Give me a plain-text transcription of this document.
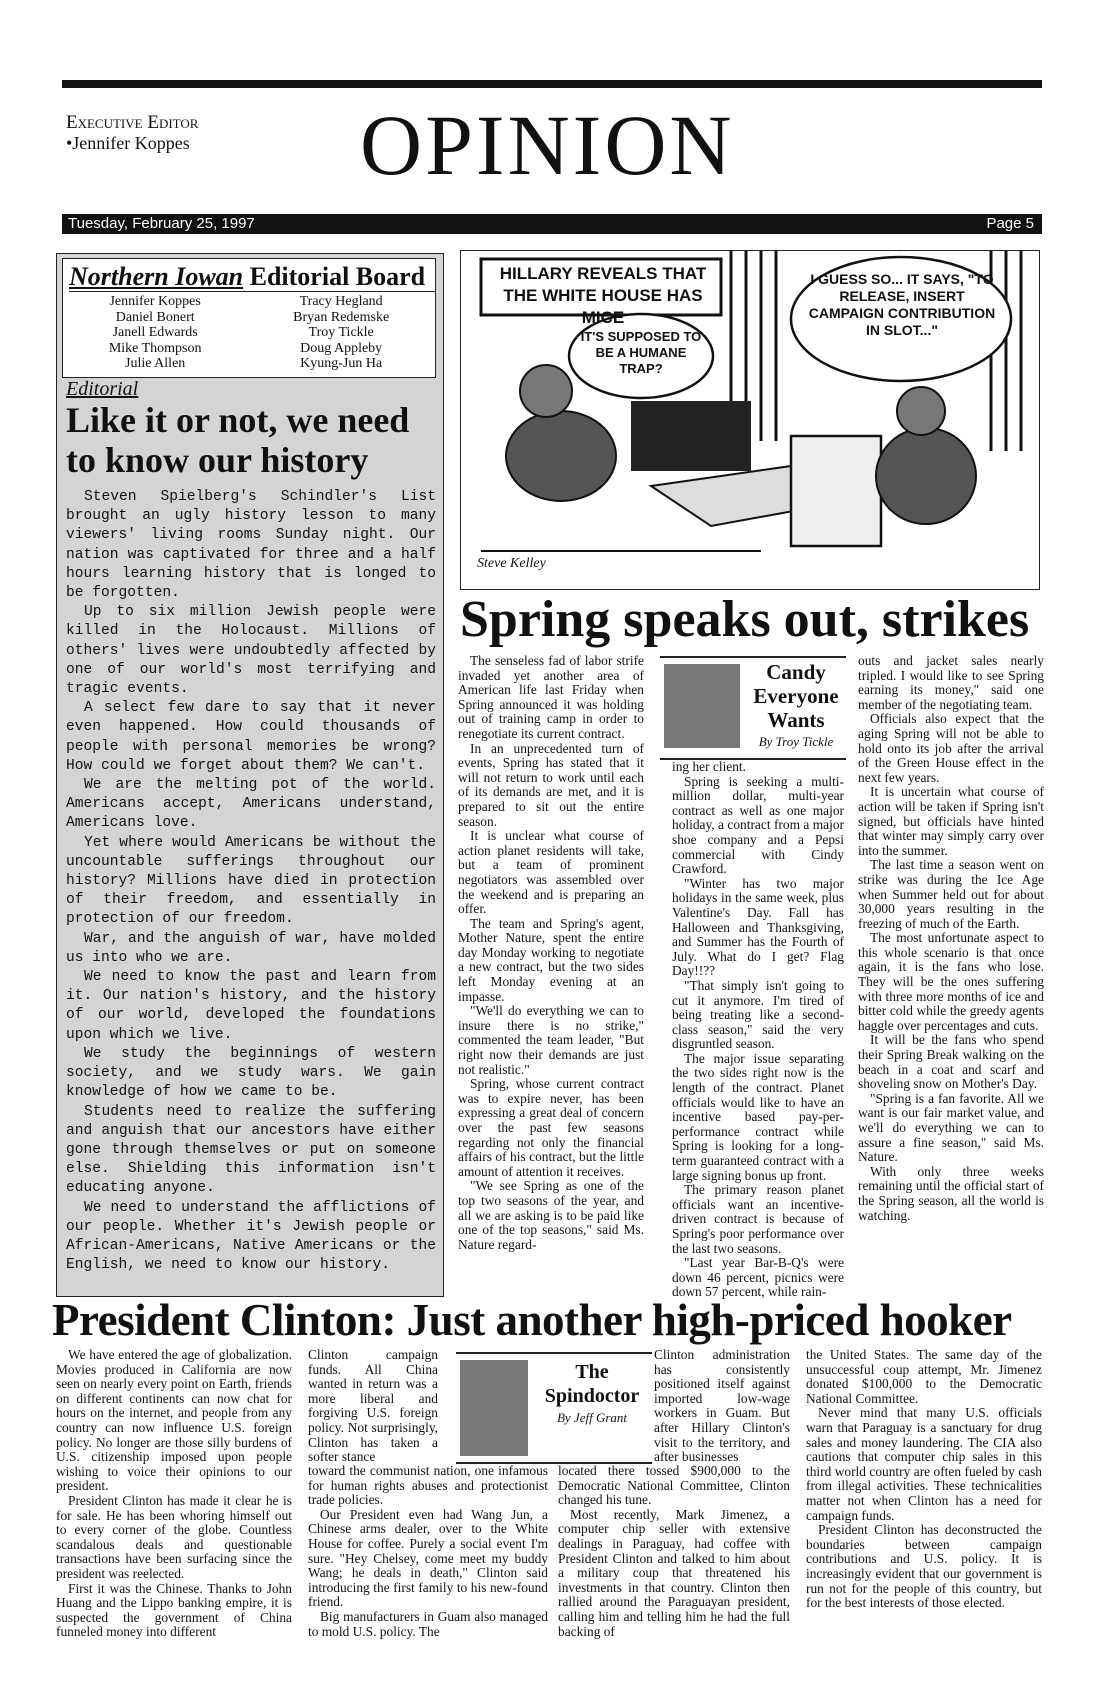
Executive Editor
•Jennifer Koppes OPINION
Tuesday, February 25, 1997	Page 5
Northern Iowan Editorial Board
Jennifer Koppes
Daniel Bonert
Janell Edwards
Mike Thompson
Julie Allen
Tracy Hegland
Bryan Redemske
Troy Tickle
Doug Appleby
Kyung-Jun Ha
Editorial
Like it or not, we need to know our history

Steven Spielberg's Schindler's List brought an ugly history lesson to many viewers' living rooms Sunday night. Our nation was captivated for three and a half hours learning history that is longed to be forgotten.

Up to six million Jewish people were killed in the Holocaust. Millions of others' lives were undoubtedly affected by one of our world's most terrifying and tragic events.

A select few dare to say that it never even happened. How could thousands of people with personal memories be wrong? How could we forget about them? We can't.

We are the melting pot of the world. Americans accept, Americans understand, Americans love.

Yet where would Americans be without the uncountable sufferings throughout our history? Millions have died in protection of their freedom, and essentially in protection of our freedom.

War, and the anguish of war, have molded us into who we are.

We need to know the past and learn from it. Our nation's history, and the history of our world, developed the foundations upon which we live.

We study the beginnings of western society, and we study wars. We gain knowledge of how we came to be.

Students need to realize the suffering and anguish that our ancestors have either gone through themselves or put on someone else. Shielding this information isn't educating anyone.

We need to understand the afflictions of our people. Whether it's Jewish people or African-Americans, Native Americans or the English, we need to know our history.

HILLARY REVEALS THAT THE WHITE HOUSE HAS MICE
IT'S SUPPOSED TO BE A HUMANE TRAP?
I GUESS SO... IT SAYS, "TO RELEASE, INSERT CAMPAIGN CONTRIBUTION IN SLOT..."
Steve Kelley
Spring speaks out, strikes

The senseless fad of labor strife invaded yet another area of American life last Friday when Spring announced it was holding out of training camp in order to renegotiate its current contract.

In an unprecedented turn of events, Spring has stated that it will not return to work until each of its demands are met, and it is prepared to sit out the entire season.

It is unclear what course of action planet residents will take, but a team of prominent negotiators was assembled over the weekend and is preparing an offer.

The team and Spring's agent, Mother Nature, spent the entire day Monday working to negotiate a new contract, but the two sides left Monday evening at an impasse.

"We'll do everything we can to insure there is no strike," commented the team leader, "But right now their demands are just not realistic."

Spring, whose current contract was to expire never, has been expressing a great deal of concern over the past few seasons regarding not only the financial affairs of his contract, but the little amount of attention it receives.

"We see Spring as one of the top two seasons of the year, and all we are asking is to be paid like one of the top seasons," said Ms. Nature regard-

Candy
Everyone
Wants
By Troy Tickle

ing her client.

Spring is seeking a multi-million dollar, multi-year contract as well as one major holiday, a contract from a major shoe company and a Pepsi commercial with Cindy Crawford.

"Winter has two major holidays in the same week, plus Valentine's Day. Fall has Halloween and Thanksgiving, and Summer has the Fourth of July. What do I get? Flag Day!!??

"That simply isn't going to cut it anymore. I'm tired of being treating like a second-class season," said the very disgruntled season.

The major issue separating the two sides right now is the length of the contract. Planet officials would like to have an incentive based pay-per-performance contract while Spring is looking for a long-term guaranteed contract with a large signing bonus up front.

The primary reason planet officials want an incentive-driven contract is because of Spring's poor performance over the last two seasons.

"Last year Bar-B-Q's were down 46 percent, picnics were down 57 percent, while rain-

outs and jacket sales nearly tripled. I would like to see Spring earning its money," said one member of the negotiating team.

Officials also expect that the aging Spring will not be able to hold onto its job after the arrival of the Green House effect in the next few years.

It is uncertain what course of action will be taken if Spring isn't signed, but officials have hinted that winter may simply carry over into the summer.

The last time a season went on strike was during the Ice Age when Summer held out for about 30,000 years resulting in the freezing of much of the Earth.

The most unfortunate aspect to this whole scenario is that once again, it is the fans who lose. They will be the ones suffering with three more months of ice and bitter cold while the greedy agents haggle over percentages and cuts.

It will be the fans who spend their Spring Break walking on the beach in a coat and scarf and shoveling snow on Mother's Day.

"Spring is a fan favorite. All we want is our fair market value, and we'll do everything we can to assure a fine season," said Ms. Nature.

With only three weeks remaining until the official start of the Spring season, all the world is watching.

President Clinton: Just another high-priced hooker

We have entered the age of globalization. Movies produced in California are now seen on nearly every point on Earth, friends on different continents can now chat for hours on the internet, and people from any country can now influence U.S. foreign policy. No longer are those silly burdens of U.S. citizenship imposed upon people wishing to voice their opinions to our president.

President Clinton has made it clear he is for sale. He has been whoring himself out to every corner of the globe. Countless scandalous deals and questionable transactions have been surfacing since the president was reelected.

First it was the Chinese. Thanks to John Huang and the Lippo banking empire, it is suspected the government of China funneled money into different

Clinton campaign funds. All China wanted in return was a more liberal and forgiving U.S. foreign policy. Not surprisingly, Clinton has taken a softer stance

The
Spindoctor
By Jeff Grant

toward the communist nation, one infamous for human rights abuses and protectionist trade policies.

Our President even had Wang Jun, a Chinese arms dealer, over to the White House for coffee. Purely a social event I'm sure. "Hey Chelsey, come meet my buddy Wang; he deals in death," Clinton said introducing the first family to his new-found friend.

Big manufacturers in Guam also managed to mold U.S. policy. The

Clinton administration has consistently positioned itself against imported low-wage workers in Guam. But after Hillary Clinton's visit to the territory, and after businesses

located there tossed $900,000 to the Democratic National Committee, Clinton changed his tune.

Most recently, Mark Jimenez, a computer chip seller with extensive dealings in Paraguay, had coffee with President Clinton and talked to him about a military coup that threatened his investments in that country. Clinton then rallied around the Paraguayan president, calling him and telling him he had the full backing of

the United States. The same day of the unsuccessful coup attempt, Mr. Jimenez donated $100,000 to the Democratic National Committee.

Never mind that many U.S. officials warn that Paraguay is a sanctuary for drug sales and money laundering. The CIA also cautions that computer chip sales in this third world country are often fueled by cash from illegal activities. These technicalities matter not when Clinton has a need for campaign funds.

President Clinton has deconstructed the boundaries between campaign contributions and U.S. policy. It is increasingly evident that our government is run not for the people of this country, but for the best interests of those elected.
